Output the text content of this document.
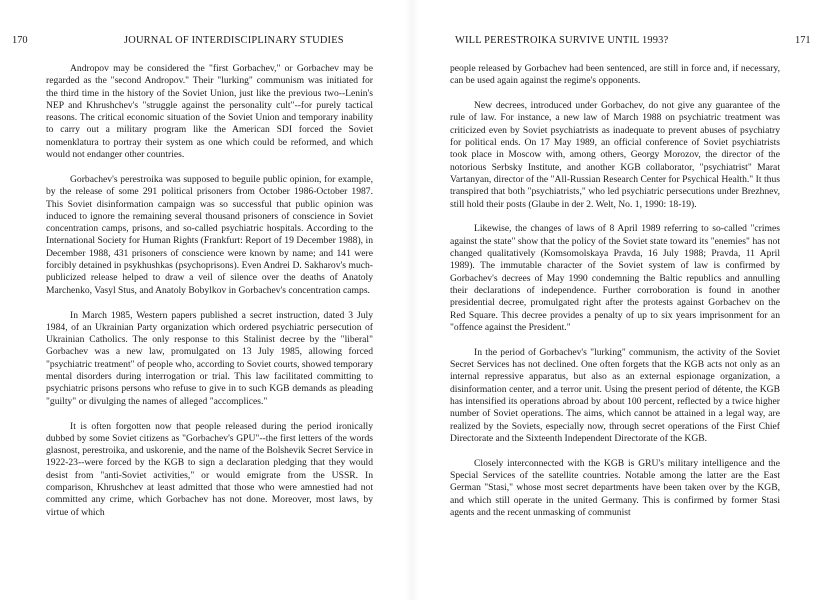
170	JOURNAL OF INTERDISCIPLINARY STUDIES

Andropov may be considered the "first Gorbachev," or Gorbachev may be regarded as the "second Andropov." Their "lurking" communism was initiated for the third time in the history of the Soviet Union, just like the previous two--Lenin's NEP and Khrushchev's "struggle against the personality cult"--for purely tactical reasons. The critical economic situation of the Soviet Union and temporary inability to carry out a military program like the American SDI forced the Soviet nomenklatura to portray their system as one which could be reformed, and which would not endanger other countries.

Gorbachev's perestroika was supposed to beguile public opinion, for example, by the release of some 291 political prisoners from October 1986-October 1987. This Soviet disinformation campaign was so successful that public opinion was induced to ignore the remaining several thousand prisoners of conscience in Soviet concentration camps, prisons, and so-called psychiatric hospitals. According to the International Society for Human Rights (Frankfurt: Report of 19 December 1988), in December 1988, 431 prisoners of conscience were known by name; and 141 were forcibly detained in psykhushkas (psychoprisons). Even Andrei D. Sakharov's much-publicized release helped to draw a veil of silence over the deaths of Anatoly Marchenko, Vasyl Stus, and Anatoly Bobylkov in Gorbachev's concentration camps.

In March 1985, Western papers published a secret instruction, dated 3 July 1984, of an Ukrainian Party organization which ordered psychiatric persecution of Ukrainian Catholics. The only response to this Stalinist decree by the "liberal" Gorbachev was a new law, promulgated on 13 July 1985, allowing forced "psychiatric treatment" of people who, according to Soviet courts, showed temporary mental disorders during interrogation or trial. This law facilitated committing to psychiatric prisons persons who refuse to give in to such KGB demands as pleading "guilty" or divulging the names of alleged "accomplices."

It is often forgotten now that people released during the period ironically dubbed by some Soviet citizens as "Gorbachev's GPU"--the first letters of the words glasnost, perestroika, and uskorenie, and the name of the Bolshevik Secret Service in 1922-23--were forced by the KGB to sign a declaration pledging that they would desist from "anti-Soviet activities," or would emigrate from the USSR. In comparison, Khrushchev at least admitted that those who were amnestied had not committed any crime, which Gorbachev has not done. Moreover, most laws, by virtue of which

WILL PERESTROIKA SURVIVE UNTIL 1993?	171

people released by Gorbachev had been sentenced, are still in force and, if necessary, can be used again against the regime's opponents.

New decrees, introduced under Gorbachev, do not give any guarantee of the rule of law. For instance, a new law of March 1988 on psychiatric treatment was criticized even by Soviet psychiatrists as inadequate to prevent abuses of psychiatry for political ends. On 17 May 1989, an official conference of Soviet psychiatrists took place in Moscow with, among others, Georgy Morozov, the director of the notorious Serbsky Institute, and another KGB collaborator, "psychiatrist" Marat Vartanyan, director of the "All-Russian Research Center for Psychical Health." It thus transpired that both "psychiatrists," who led psychiatric persecutions under Brezhnev, still hold their posts (Glaube in der 2. Welt, No. 1, 1990: 18-19).

Likewise, the changes of laws of 8 April 1989 referring to so-called "crimes against the state" show that the policy of the Soviet state toward its "enemies" has not changed qualitatively (Komsomolskaya Pravda, 16 July 1988; Pravda, 11 April 1989). The immutable character of the Soviet system of law is confirmed by Gorbachev's decrees of May 1990 condemning the Baltic republics and annulling their declarations of independence. Further corroboration is found in another presidential decree, promulgated right after the protests against Gorbachev on the Red Square. This decree provides a penalty of up to six years imprisonment for an "offence against the President."

In the period of Gorbachev's "lurking" communism, the activity of the Soviet Secret Services has not declined. One often forgets that the KGB acts not only as an internal repressive apparatus, but also as an external espionage organization, a disinformation center, and a terror unit. Using the present period of détente, the KGB has intensified its operations abroad by about 100 percent, reflected by a twice higher number of Soviet operations. The aims, which cannot be attained in a legal way, are realized by the Soviets, especially now, through secret operations of the First Chief Directorate and the Sixteenth Independent Directorate of the KGB.

Closely interconnected with the KGB is GRU's military intelligence and the Special Services of the satellite countries. Notable among the latter are the East German "Stasi," whose most secret departments have been taken over by the KGB, and which still operate in the united Germany. This is confirmed by former Stasi agents and the recent unmasking of communist
